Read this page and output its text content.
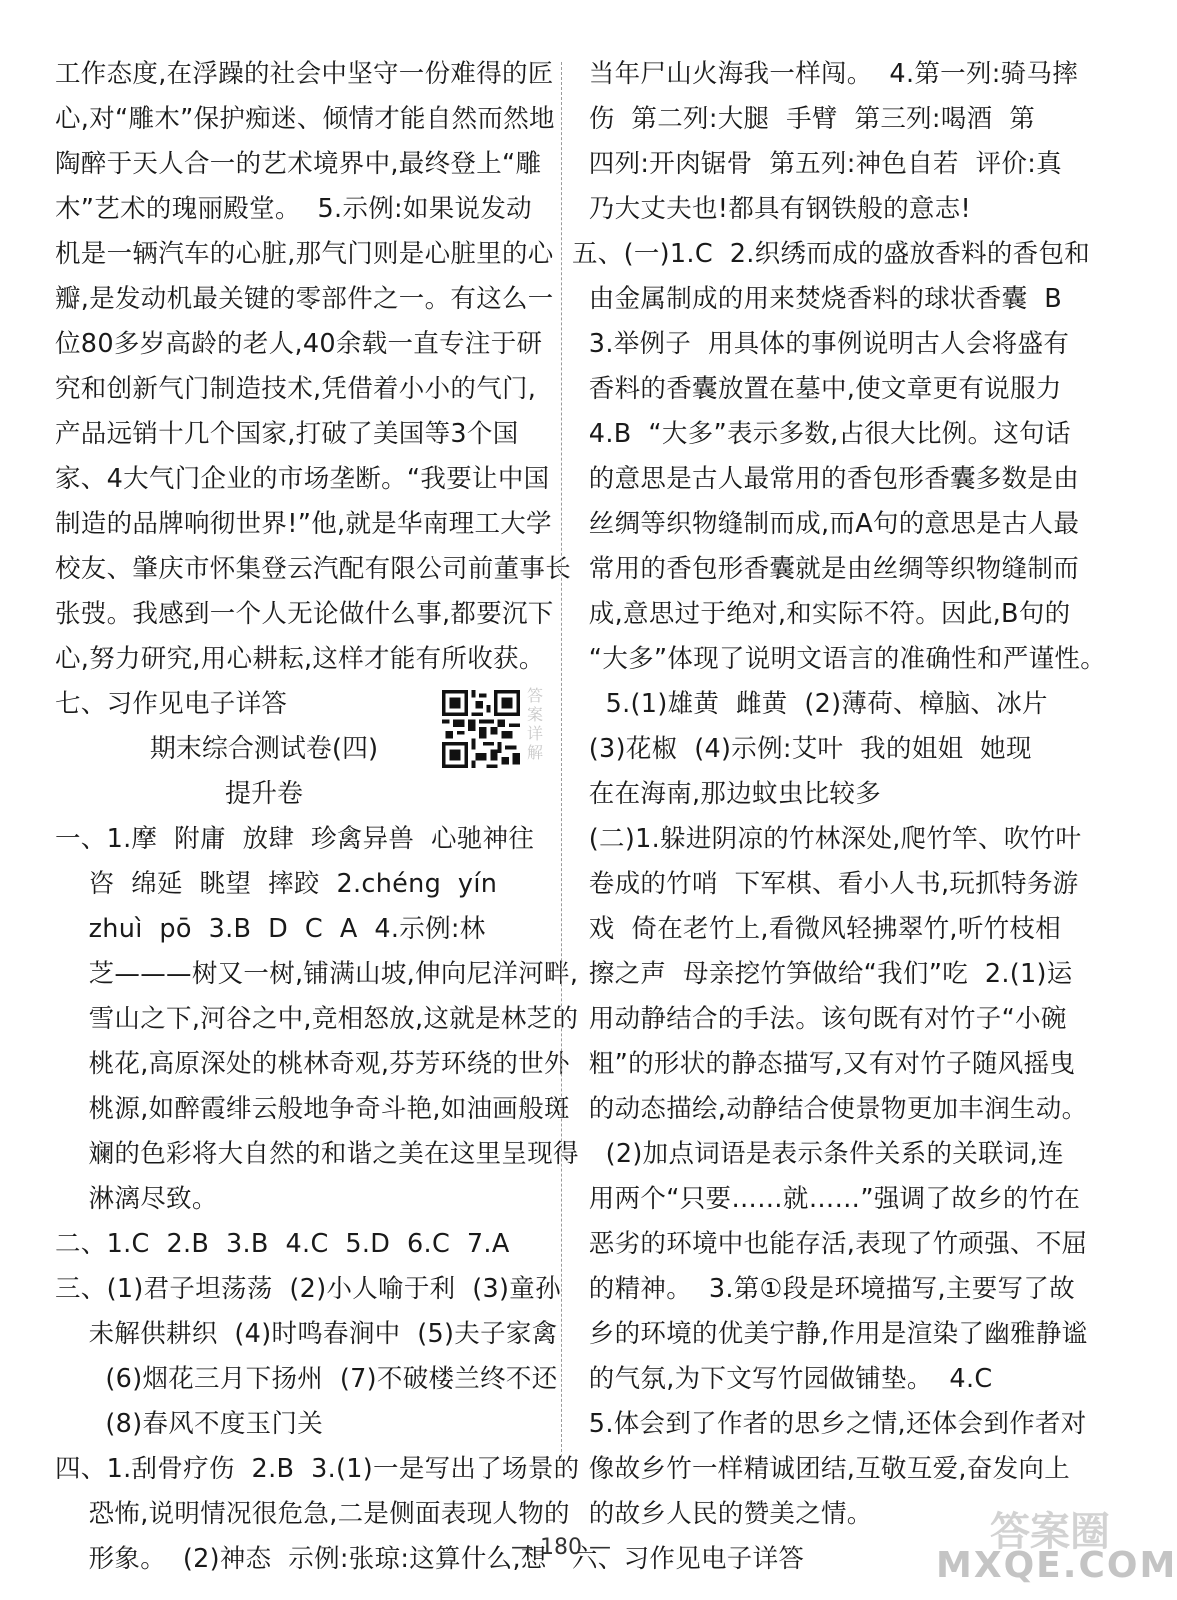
工作态度,在浮躁的社会中坚守一份难得的匠
心,对“雕木”保护痴迷、倾情才能自然而然地
陶醉于天人合一的艺术境界中,最终登上“雕
木”艺术的瑰丽殿堂。  5.示例:如果说发动
机是一辆汽车的心脏,那气门则是心脏里的心
瓣,是发动机最关键的零部件之一。有这么一
位80多岁高龄的老人,40余载一直专注于研
究和创新气门制造技术,凭借着小小的气门,
产品远销十几个国家,打破了美国等3个国
家、4大气门企业的市场垄断。“我要让中国
制造的品牌响彻世界!”他,就是华南理工大学
校友、肇庆市怀集登云汽配有限公司前董事长
张弢。我感到一个人无论做什么事,都要沉下
心,努力研究,用心耕耘,这样才能有所收获。
七、习作见电子详答
期末综合测试卷(四)
提升卷
一、1.摩  附庸  放肆  珍禽异兽  心驰神往
咨  绵延  眺望  摔跤  2.chéng  yín
zhuì  pō  3.B  D  C  A  4.示例:林
芝———树又一树,铺满山坡,伸向尼洋河畔,
雪山之下,河谷之中,竞相怒放,这就是林芝的
桃花,高原深处的桃林奇观,芬芳环绕的世外
桃源,如醉霞绯云般地争奇斗艳,如油画般斑
斓的色彩将大自然的和谐之美在这里呈现得
淋漓尽致。
二、1.C  2.B  3.B  4.C  5.D  6.C  7.A
三、(1)君子坦荡荡  (2)小人喻于利  (3)童孙
未解供耕织  (4)时鸣春涧中  (5)夫子家禽
(6)烟花三月下扬州  (7)不破楼兰终不还
(8)春风不度玉门关
四、1.刮骨疗伤  2.B  3.(1)一是写出了场景的
恐怖,说明情况很危急,二是侧面表现人物的
形象。  (2)神态  示例:张琼:这算什么,想
答案详解
当年尸山火海我一样闯。  4.第一列:骑马摔
伤  第二列:大腿  手臂  第三列:喝酒  第
四列:开肉锯骨  第五列:神色自若  评价:真
乃大丈夫也!都具有钢铁般的意志!
五、(一)1.C  2.织绣而成的盛放香料的香包和
由金属制成的用来焚烧香料的球状香囊  B
3.举例子  用具体的事例说明古人会将盛有
香料的香囊放置在墓中,使文章更有说服力
4.B  “大多”表示多数,占很大比例。这句话
的意思是古人最常用的香包形香囊多数是由
丝绸等织物缝制而成,而A句的意思是古人最
常用的香包形香囊就是由丝绸等织物缝制而
成,意思过于绝对,和实际不符。因此,B句的
“大多”体现了说明文语言的准确性和严谨性。
5.(1)雄黄  雌黄  (2)薄荷、樟脑、冰片
(3)花椒  (4)示例:艾叶  我的姐姐  她现
在在海南,那边蚊虫比较多
(二)1.躲进阴凉的竹林深处,爬竹竿、吹竹叶
卷成的竹哨  下军棋、看小人书,玩抓特务游
戏  倚在老竹上,看微风轻拂翠竹,听竹枝相
擦之声  母亲挖竹笋做给“我们”吃  2.(1)运
用动静结合的手法。该句既有对竹子“小碗
粗”的形状的静态描写,又有对竹子随风摇曳
的动态描绘,动静结合使景物更加丰润生动。
(2)加点词语是表示条件关系的关联词,连
用两个“只要……就……”强调了故乡的竹在
恶劣的环境中也能存活,表现了竹顽强、不屈
的精神。  3.第①段是环境描写,主要写了故
乡的环境的优美宁静,作用是渲染了幽雅静谧
的气氛,为下文写竹园做铺垫。  4.C
5.体会到了作者的思乡之情,还体会到作者对
像故乡竹一样精诚团结,互敬互爱,奋发向上
的故乡人民的赞美之情。
六、习作见电子详答
— 180 —	答案圈
MXQE.COM
